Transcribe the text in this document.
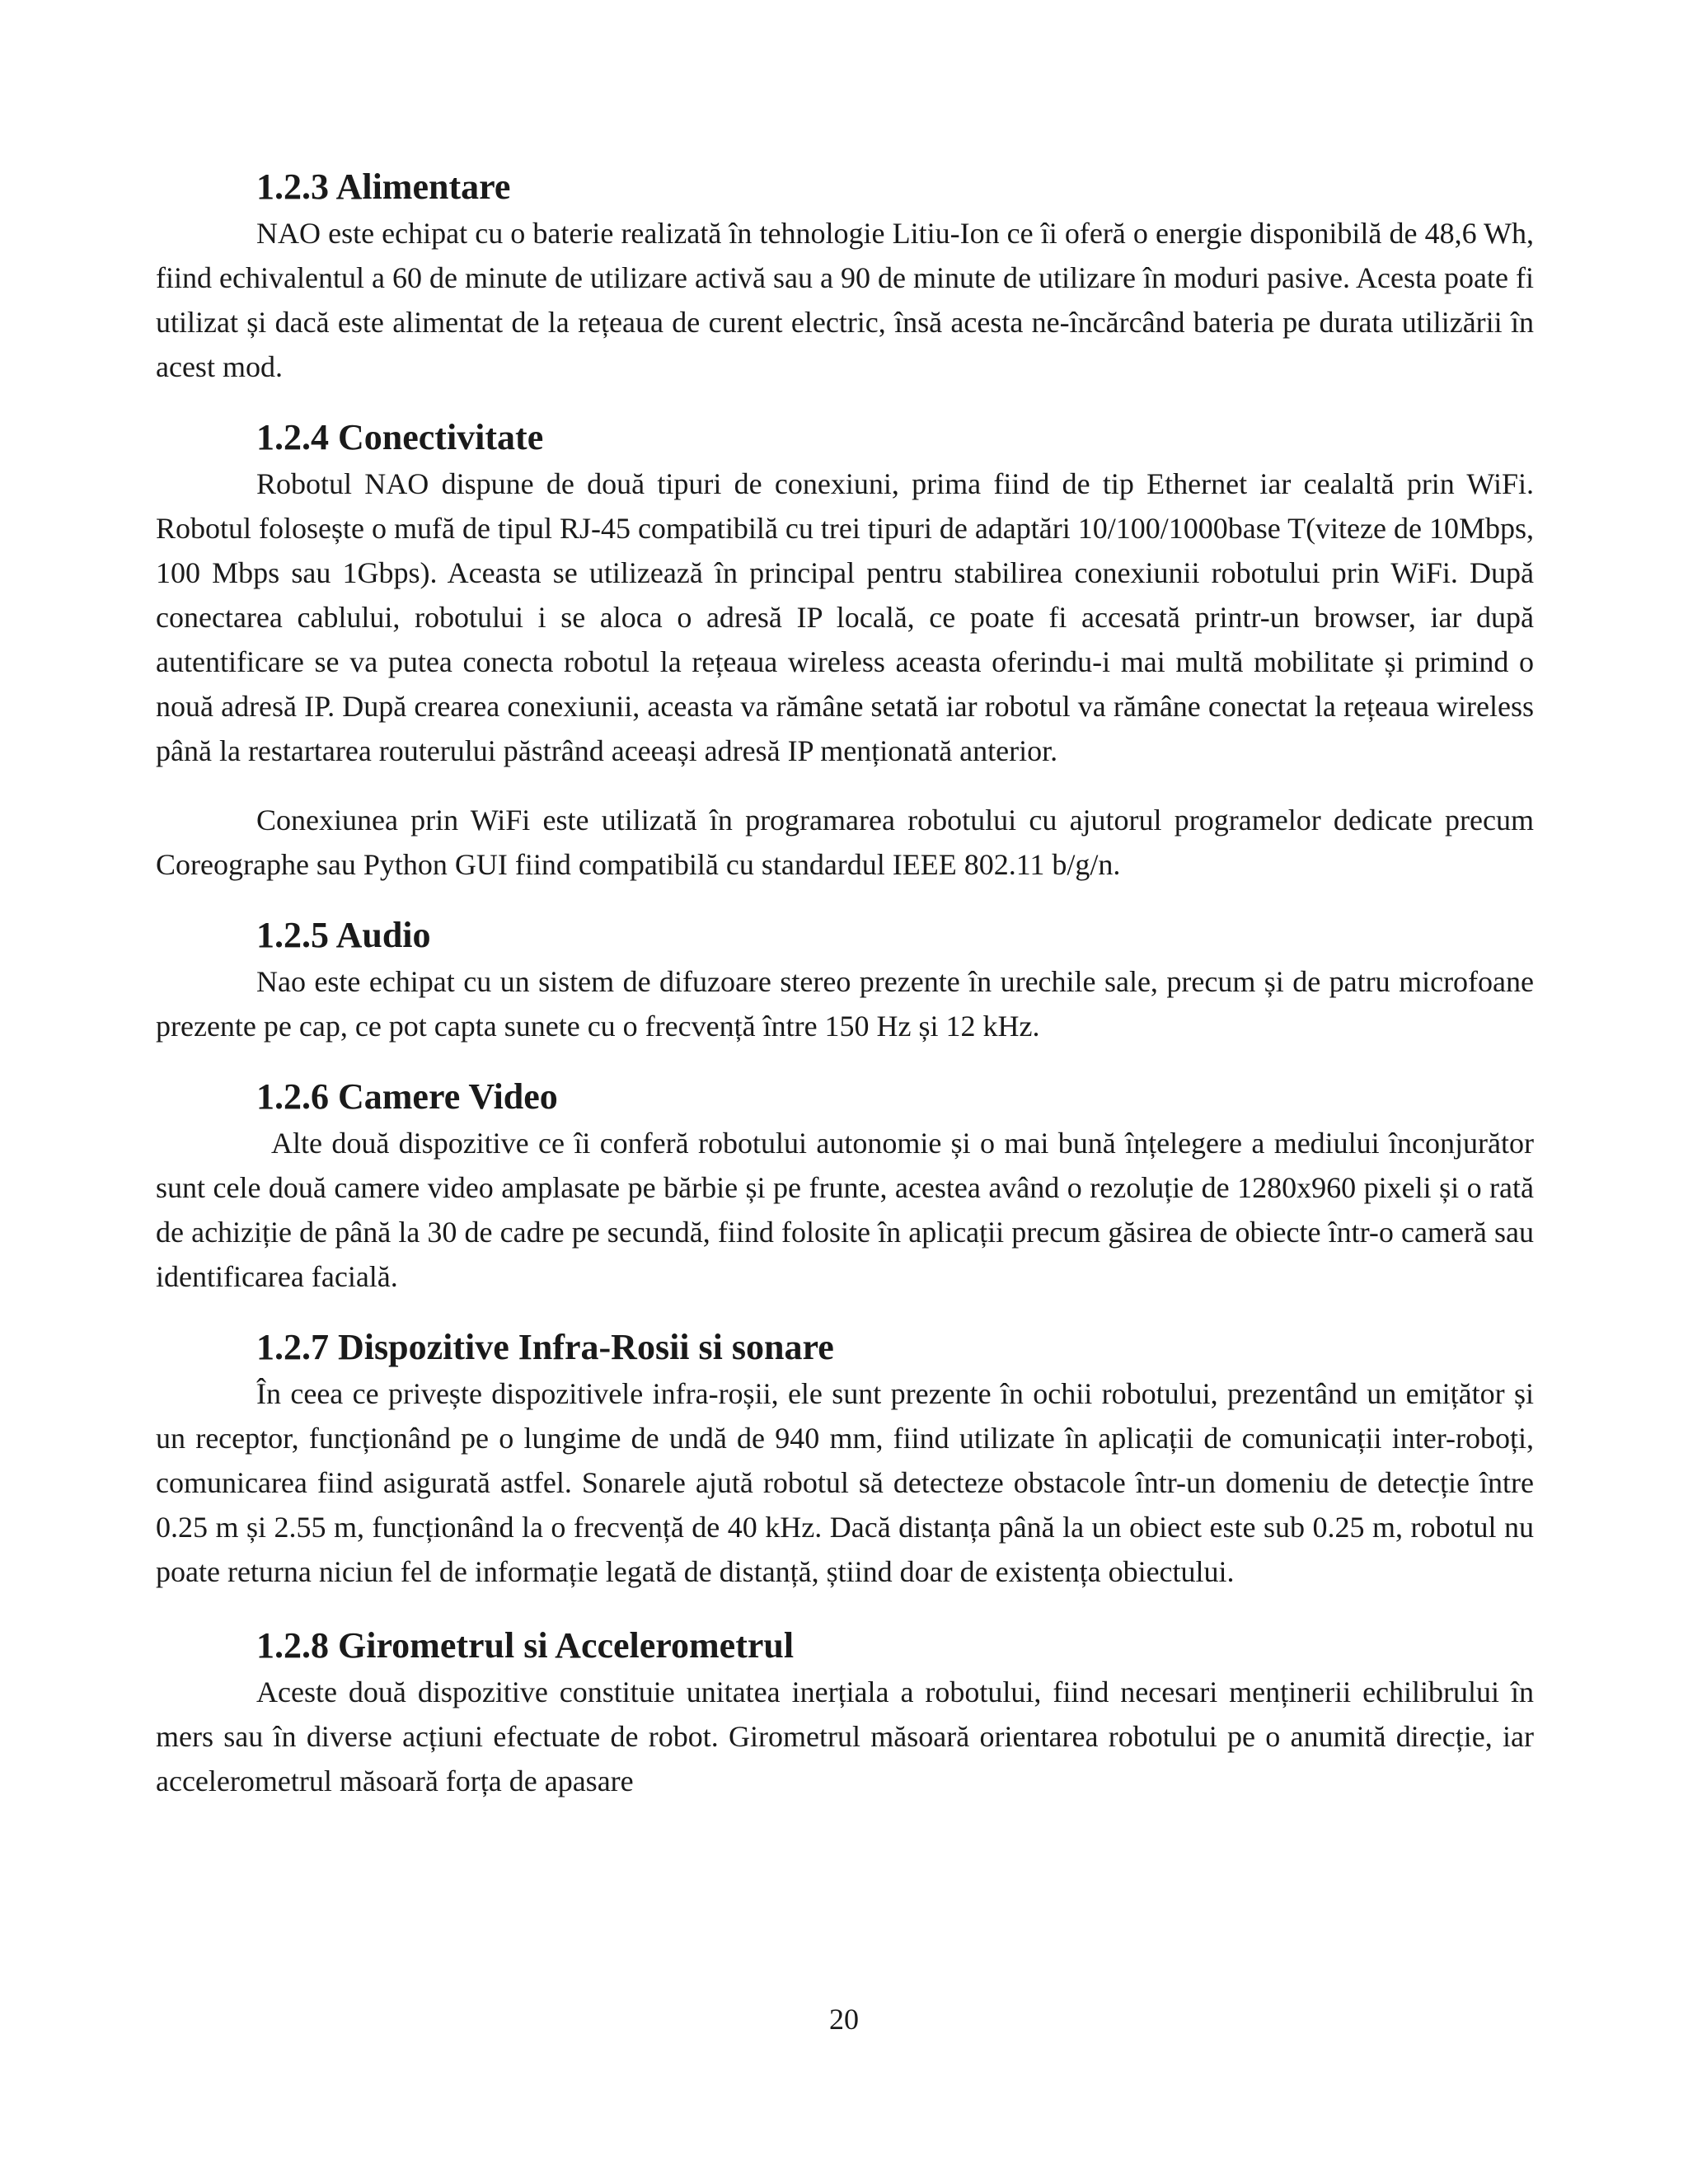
1.2.3 Alimentare

NAO este echipat cu o baterie realizată în tehnologie Litiu-Ion ce îi oferă o energie disponibilă de 48,6 Wh, fiind echivalentul a 60 de minute de utilizare activă sau a 90 de minute de utilizare în moduri pasive. Acesta poate fi utilizat și dacă este alimentat de la rețeaua de curent electric, însă acesta ne-încărcând bateria pe durata utilizării în acest mod.

1.2.4 Conectivitate

Robotul NAO dispune de două tipuri de conexiuni, prima fiind de tip Ethernet iar cealaltă prin WiFi. Robotul folosește o mufă de tipul RJ-45 compatibilă cu trei tipuri de adaptări 10/100/1000base T(viteze de 10Mbps, 100 Mbps sau 1Gbps). Aceasta se utilizează în principal pentru stabilirea conexiunii robotului prin WiFi. După conectarea cablului, robotului i se aloca o adresă IP locală, ce poate fi accesată printr-un browser, iar după autentificare se va putea conecta robotul la rețeaua wireless aceasta oferindu-i mai multă mobilitate și primind o nouă adresă IP. După crearea conexiunii, aceasta va rămâne setată iar robotul va rămâne conectat la rețeaua wireless până la restartarea routerului păstrând aceeași adresă IP menționată anterior.

Conexiunea prin WiFi este utilizată în programarea robotului cu ajutorul programelor dedicate precum Coreographe sau Python GUI fiind compatibilă cu standardul IEEE 802.11 b/g/n.

1.2.5 Audio

Nao este echipat cu un sistem de difuzoare stereo prezente în urechile sale, precum și de patru microfoane prezente pe cap, ce pot capta sunete cu o frecvență între 150 Hz și 12 kHz.

1.2.6 Camere Video

Alte două dispozitive ce îi conferă robotului autonomie și o mai bună înțelegere a mediului înconjurător sunt cele două camere video amplasate pe bărbie și pe frunte, acestea având o rezoluție de 1280x960 pixeli și o rată de achiziție de până la 30 de cadre pe secundă, fiind folosite în aplicații precum găsirea de obiecte într-o cameră sau identificarea facială.

1.2.7 Dispozitive Infra-Rosii si sonare

În ceea ce privește dispozitivele infra-roșii, ele sunt prezente în ochii robotului, prezentând un emițător și un receptor, funcționând pe o lungime de undă de 940 mm, fiind utilizate în aplicații de comunicații inter-roboți, comunicarea fiind asigurată astfel. Sonarele ajută robotul să detecteze obstacole într-un domeniu de detecție între 0.25 m și 2.55 m, funcționând la o frecvență de 40 kHz. Dacă distanța până la un obiect este sub 0.25 m, robotul nu poate returna niciun fel de informație legată de distanță, știind doar de existența obiectului.

1.2.8 Girometrul si Accelerometrul

Aceste două dispozitive constituie unitatea inerțiala a robotului, fiind necesari menținerii echilibrului în mers sau în diverse acțiuni efectuate de robot. Girometrul măsoară orientarea robotului pe o anumită direcție, iar accelerometrul măsoară forța de apasare

20
